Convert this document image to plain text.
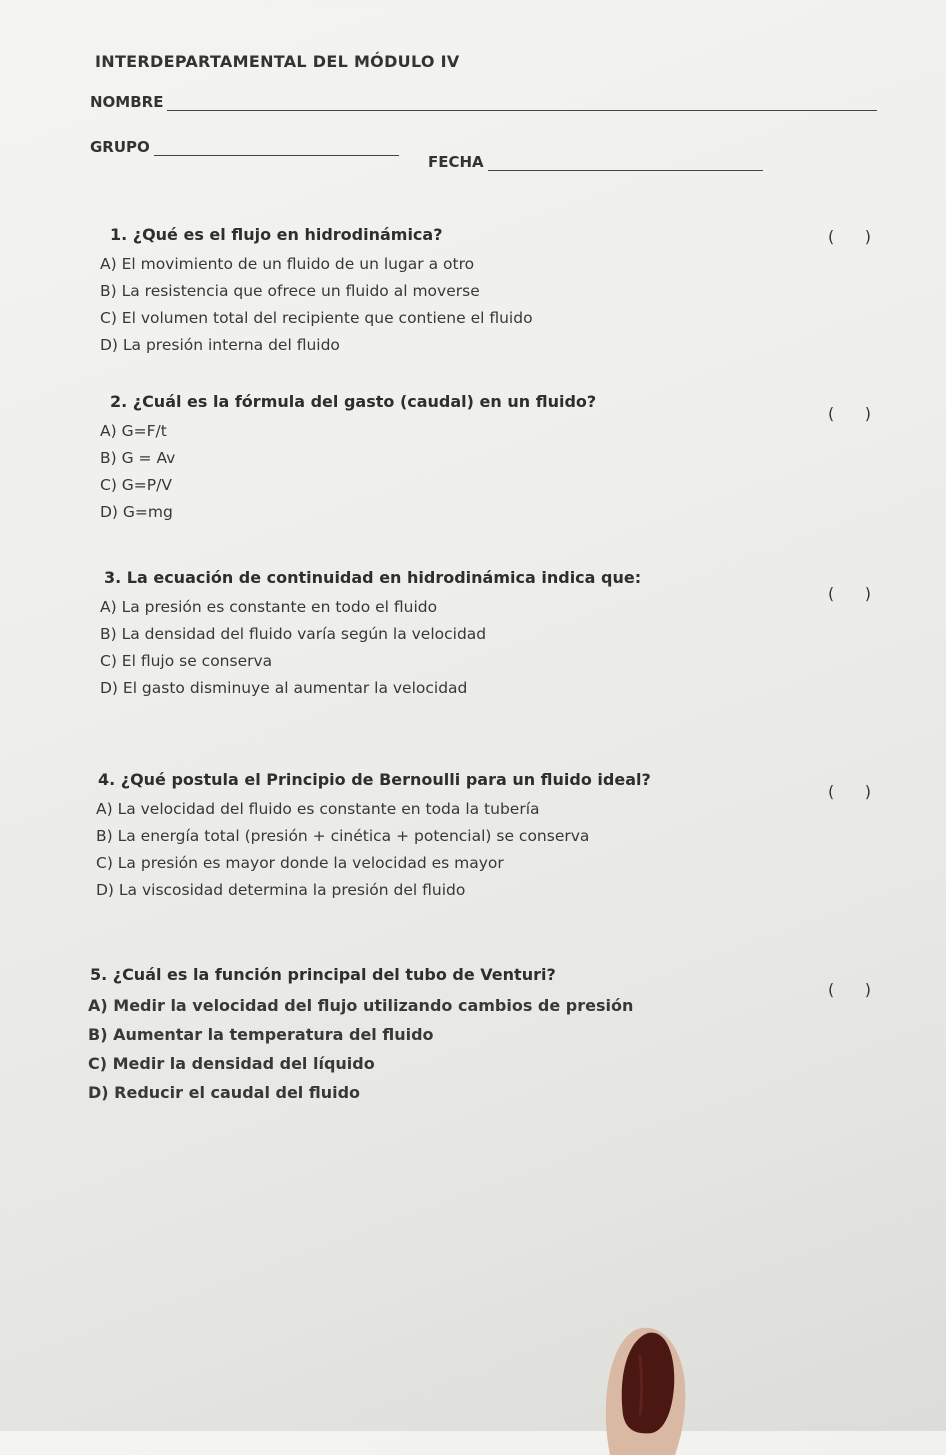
INTERDEPARTAMENTAL DEL MÓDULO IV
NOMBRE
GRUPO
FECHA
1. ¿Qué es el flujo en hidrodinámica?	(      )
A) El movimiento de un fluido de un lugar a otro
B) La resistencia que ofrece un fluido al moverse
C) El volumen total del recipiente que contiene el fluido
D) La presión interna del fluido
2. ¿Cuál es la fórmula del gasto (caudal) en un fluido?
(      )
A) G=F/t
B) G = Av
C) G=P/V
D) G=mg
3. La ecuación de continuidad en hidrodinámica indica que:
(      )
A) La presión es constante en todo el fluido
B) La densidad del fluido varía según la velocidad
C) El flujo se conserva
D) El gasto disminuye al aumentar la velocidad
4. ¿Qué postula el Principio de Bernoulli para un fluido ideal?
(      )
A) La velocidad del fluido es constante en toda la tubería
B) La energía total (presión + cinética + potencial) se conserva
C) La presión es mayor donde la velocidad es mayor
D) La viscosidad determina la presión del fluido
5. ¿Cuál es la función principal del tubo de Venturi?
(      )
A) Medir la velocidad del flujo utilizando cambios de presión
B) Aumentar la temperatura del fluido
C) Medir la densidad del líquido
D) Reducir el caudal del fluido
